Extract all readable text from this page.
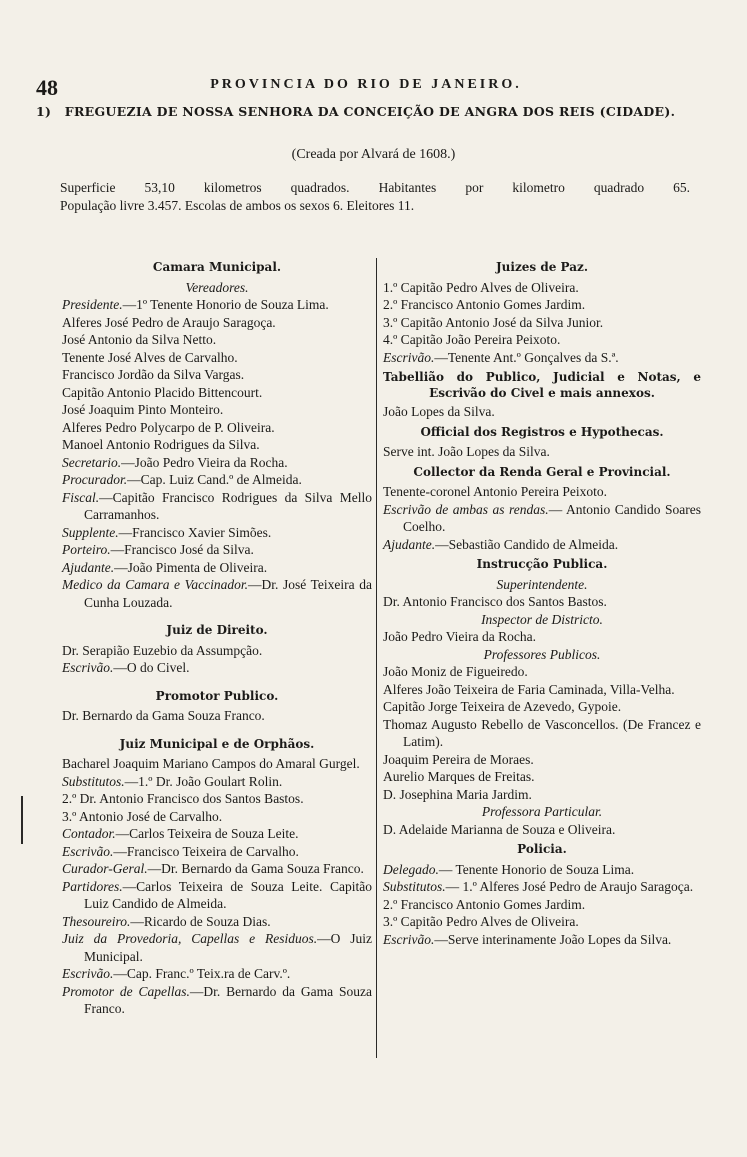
48	PROVINCIA DO RIO DE JANEIRO.
1)	FREGUEZIA DE NOSSA SENHORA DA CONCEIÇÃO DE ANGRA DOS REIS (CIDADE).
(Creada por Alvará de 1608.)
Superficie 53,10 kilometros quadrados. Habitantes por kilometro quadrado 65.
População livre 3.457. Escolas de ambos os sexos 6. Eleitores 11.
Camara Municipal.
Vereadores.
Presidente.—1º Tenente Honorio de Souza Lima.
Alferes José Pedro de Araujo Saragoça.
José Antonio da Silva Netto.
Tenente José Alves de Carvalho.
Francisco Jordão da Silva Vargas.
Capitão Antonio Placido Bittencourt.
José Joaquim Pinto Monteiro.
Alferes Pedro Polycarpo de P. Oliveira.
Manoel Antonio Rodrigues da Silva.
Secretario.—João Pedro Vieira da Rocha.
Procurador.—Cap. Luiz Cand.º de Almeida.
Fiscal.—Capitão Francisco Rodrigues da Silva Mello Carramanhos.
Supplente.—Francisco Xavier Simões.
Porteiro.—Francisco José da Silva.
Ajudante.—João Pimenta de Oliveira.
Medico da Camara e Vaccinador.—Dr. José Teixeira da Cunha Louzada.
Juiz de Direito.
Dr. Serapião Euzebio da Assumpção.
Escrivão.—O do Civel.
Promotor Publico.
Dr. Bernardo da Gama Souza Franco.
Juiz Municipal e de Orphãos.
Bacharel Joaquim Mariano Campos do Amaral Gurgel.
Substitutos.—1.º Dr. João Goulart Rolin.
2.º Dr. Antonio Francisco dos Santos Bastos.
3.º Antonio José de Carvalho.
Contador.—Carlos Teixeira de Souza Leite.
Escrivão.—Francisco Teixeira de Carvalho.
Curador-Geral.—Dr. Bernardo da Gama Souza Franco.
Partidores.—Carlos Teixeira de Souza Leite. Capitão Luiz Candido de Almeida.
Thesoureiro.—Ricardo de Souza Dias.
Juiz da Provedoria, Capellas e Residuos.—O Juiz Municipal.
Escrivão.—Cap. Franc.º Teix.ra de Carv.º.
Promotor de Capellas.—Dr. Bernardo da Gama Souza Franco.
Juizes de Paz.
1.º Capitão Pedro Alves de Oliveira.
2.º Francisco Antonio Gomes Jardim.
3.º Capitão Antonio José da Silva Junior.
4.º Capitão João Pereira Peixoto.
Escrivão.—Tenente Ant.º Gonçalves da S.ª.
Tabellião do Publico, Judicial e Notas, e Escrivão do Civel e mais annexos.
João Lopes da Silva.
Official dos Registros e Hypothecas.
Serve int. João Lopes da Silva.
Collector da Renda Geral e Provincial.
Tenente-coronel Antonio Pereira Peixoto.
Escrivão de ambas as rendas.— Antonio Candido Soares Coelho.
Ajudante.—Sebastião Candido de Almeida.
Instrucção Publica.
Superintendente.
Dr. Antonio Francisco dos Santos Bastos.
Inspector de Districto.
João Pedro Vieira da Rocha.
Professores Publicos.
João Moniz de Figueiredo.
Alferes João Teixeira de Faria Caminada, Villa-Velha.
Capitão Jorge Teixeira de Azevedo, Gypoie.
Thomaz Augusto Rebello de Vasconcellos. (De Francez e Latim).
Joaquim Pereira de Moraes.
Aurelio Marques de Freitas.
D. Josephina Maria Jardim.
Professora Particular.
D. Adelaide Marianna de Souza e Oliveira.
Policia.
Delegado.— Tenente Honorio de Souza Lima.
Substitutos.— 1.º Alferes José Pedro de Araujo Saragoça.
2.º Francisco Antonio Gomes Jardim.
3.º Capitão Pedro Alves de Oliveira.
Escrivão.—Serve interinamente João Lopes da Silva.
